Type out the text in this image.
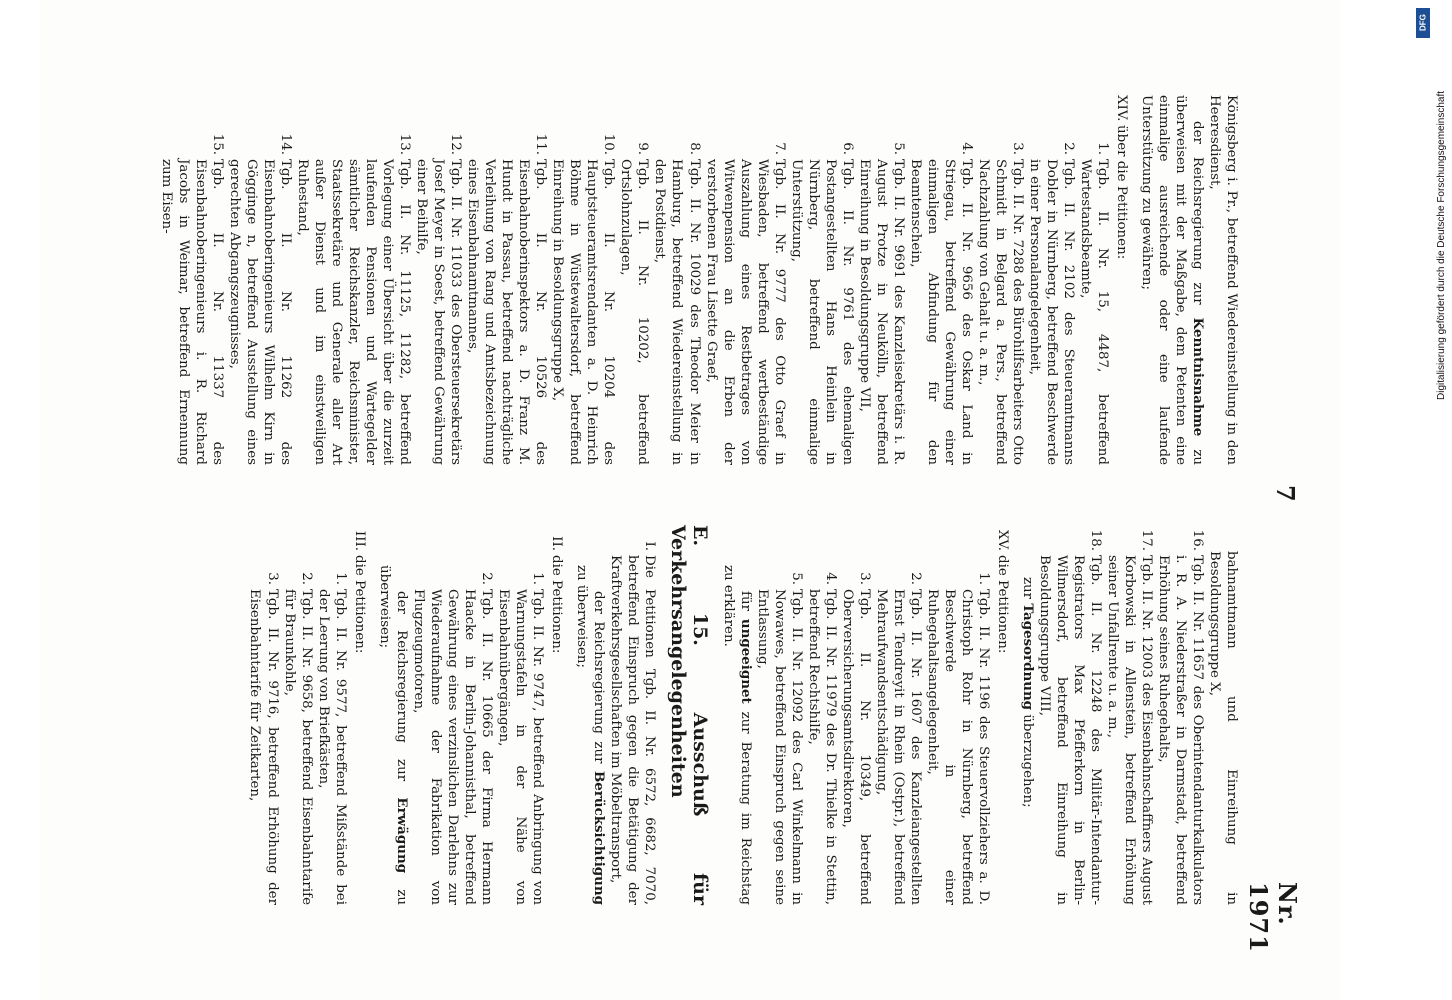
7
Nr. 1971

Königsberg i. Pr., betreffend Wiedereinstellung in den Heeresdienst,

der Reichsregierung zur Kenntnisnahme zu überweisen mit der Maßgabe, dem Petenten eine einmalige ausreichende oder eine laufende Unterstützung zu gewähren;

XIV.
über die Petitionen:
1.
Tgb. II. Nr. 15, 4487, betreffend Wartestandsbeamte,
2.
Tgb. II. Nr. 2102 des Steueramtmanns Dobler in Nürnberg, betreffend Beschwerde in einer Personalangelegenheit,
3.
Tgb. II. Nr. 7288 des Bürohilfsarbeiters Otto Schmidt in Belgard a. Pers., betreffend Nachzahlung von Gehalt u. a. m.,
4.
Tgb. II. Nr. 9656 des Oskar Land in Striegau, betreffend Gewährung einer einmaligen Abfindung für den Beamtenschein,
5.
Tgb. II. Nr. 9691 des Kanzleisekretärs i. R. August Protze in Neukölln, betreffend Einreihung in Besoldungsgruppe VII,
6.
Tgb. II. Nr. 9761 des ehemaligen Postangestellten Hans Heinlein in Nürnberg, betreffend einmalige Unterstützung,
7.
Tgb. II. Nr. 9777 des Otto Graef in Wiesbaden, betreffend wertbeständige Auszahlung eines Restbetrages von Witwenpension an die Erben der verstorbenen Frau Lisette Graef,
8.
Tgb. II. Nr. 10029 des Theodor Meier in Hamburg, betreffend Wiedereinstellung in den Postdienst,
9.
Tgb. II. Nr. 10202, betreffend Ortslohnzulagen,
10.
Tgb. II. Nr. 10204 des Hauptsteueramtsrendanten a. D. Heinrich Böhme in Wüstewaltersdorf, betreffend Einreihung in Besoldungsgruppe X,
11.
Tgb. II. Nr. 10526 des Eisenbahnoberinspektors a. D. Franz M. Hundt in Passau, betreffend nachträgliche Verleihung von Rang und Amtsbezeichnung eines Eisenbahnamtmannes,
12.
Tgb. II. Nr. 11033 des Obersteuersekretärs Josef Meyer in Soest, betreffend Gewährung einer Beihilfe,
13.
Tgb. II. Nr. 11125, 11282, betreffend Vorlegung einer Übersicht über die zurzeit laufenden Pensionen und Wartegelder sämtlicher Reichskanzler, Reichsminister, Staatssekretäre und Generale aller Art außer Dienst und im einstweiligen Ruhestand,
14.
Tgb. II. Nr. 11262 des Eisenbahnoberingenieurs Wilhelm Kirn in Gögginge n, betreffend Ausstellung eines gerechten Abgangszeugnisses,
15.
Tgb. II. Nr. 11337 des Eisenbahnoberingenieurs i. R. Richard Jacobs in Weimar, betreffend Ernennung zum Eisen-

bahnamtmann und Einreihung in Besoldungsgruppe X,

16.
Tgb. II. Nr. 11657 des Oberintendanturkalkulators i. R. A. Niederstraßer in Darmstadt, betreffend Erhöhung seines Ruhegehalts,
17.
Tgb. II. Nr. 12003 des Eisenbahnschaffners August Korbowski in Allenstein, betreffend Erhöhung seiner Unfallrente u. a. m.,
18.
Tgb. II. Nr. 12248 des Militär-Intendantur-Registrators Max Pfefferkorn in Berlin-Wilmersdorf, betreffend Einreihung in Besoldungsgruppe VIII,

zur Tagesordnung überzugehen;

XV.
die Petitionen:
1.
Tgb. II. Nr. 1196 des Steuervollziehers a. D. Christoph Rohr in Nürnberg, betreffend Beschwerde in einer Ruhegehaltsangelegenheit,
2.
Tgb. II. Nr. 1607 des Kanzleiangestellten Ernst Tendreyit in Rhein (Ostpr.), betreffend Mehraufwandsentschädigung,
3.
Tgb. II. Nr. 10349, betreffend Oberversicherungsamtsdirektoren,
4.
Tgb. II. Nr. 11979 des Dr. Thielke in Stettin, betreffend Rechtshilfe,
5.
Tgb. II. Nr. 12092 des Carl Winkelmann in Nowawes, betreffend Einspruch gegen seine Entlassung,

für ungeeignet zur Beratung im Reichstag zu erklären.

E. 15. Ausschuß für Verkehrsangelegenheiten
I.
Die Petitionen Tgb. II. Nr. 6572, 6682, 7070, betreffend Einspruch gegen die Betätigung der Kraftverkehrsgesellschaften im Möbeltransport,

der Reichsregierung zur Berücksichtigung zu überweisen;

II.
die Petitionen:
1.
Tgb. II. Nr. 9747, betreffend Anbringung von Warnungstafeln in der Nähe von Eisenbahnübergängen,
2.
Tgb. II. Nr. 10665 der Firma Hermann Haacke in Berlin-Johannisthal, betreffend Gewährung eines verzinslichen Darlehns zur Wiederaufnahme der Fabrikation von Flugzeugmotoren,

der Reichsregierung zur Erwägung zu überweisen;

III.
die Petitionen:
1.
Tgb. II. Nr. 9577, betreffend Mißstände bei der Leerung von Briefkästen,
2.
Tgb. II. Nr. 9658, betreffend Eisenbahntarife für Braunkohle,
3.
Tgb. II. Nr. 9716, betreffend Erhöhung der Eisenbahntarife für Zeitkarten,
DFG
Digitalisierung gefördert durch die Deutsche Forschungsgemeinschaft
